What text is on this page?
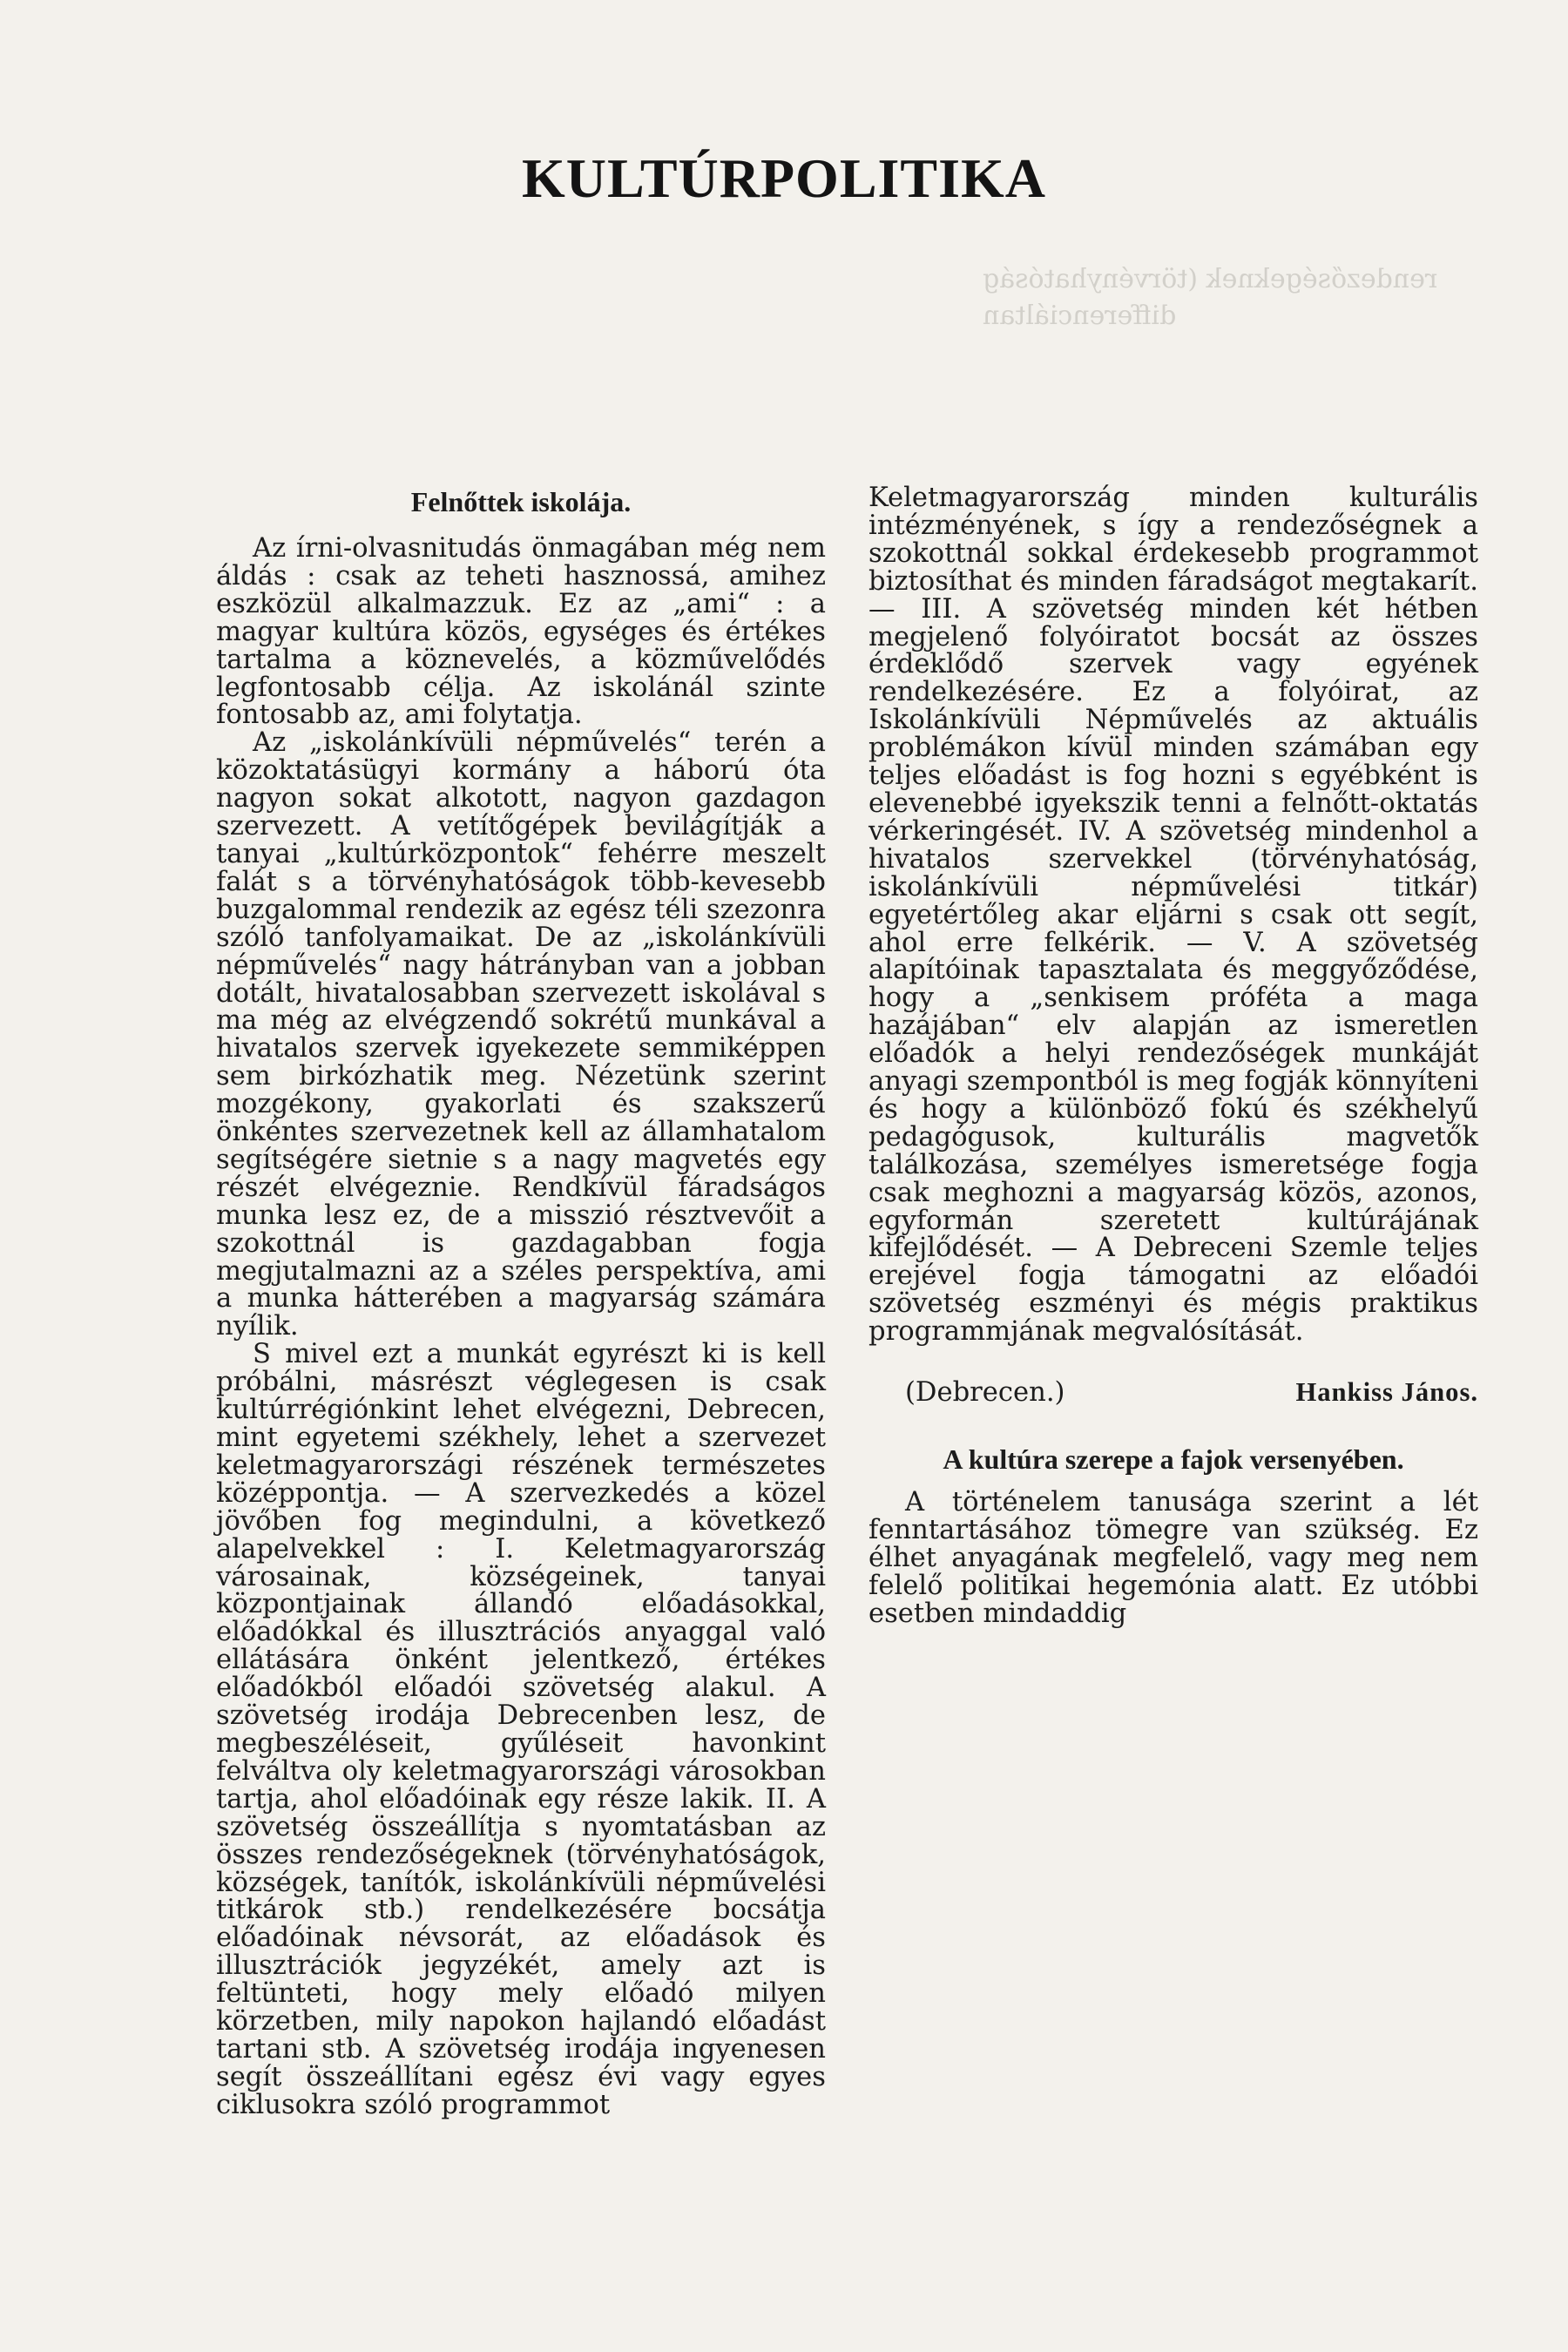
KULTÚRPOLITIKA
rendezőségeknek (törvényhatóság
differenciáltan
Felnőttek iskolája.

Az írni-olvasnitudás önmagában még nem áldás : csak az teheti hasznossá, amihez eszközül alkalmazzuk. Ez az „ami“ : a magyar kultúra közös, egységes és értékes tartalma a köznevelés, a közművelődés legfontosabb célja. Az iskolánál szinte fontosabb az, ami folytatja.

Az „iskolánkívüli népművelés“ terén a közoktatásügyi kormány a háború óta nagyon sokat alkotott, nagyon gazdagon szervezett. A vetítőgépek bevilágítják a tanyai „kultúrközpontok“ fehérre meszelt falát s a törvényhatóságok több-kevesebb buzgalommal rendezik az egész téli szezonra szóló tanfolyamaikat. De az „iskolánkívüli népművelés“ nagy hátrányban van a jobban dotált, hivatalosabban szervezett iskolával s ma még az elvégzendő sokrétű munkával a hivatalos szervek igyekezete semmiképpen sem birkózhatik meg. Nézetünk szerint mozgékony, gyakorlati és szakszerű önkéntes szervezetnek kell az államhatalom segítségére sietnie s a nagy magvetés egy részét elvégeznie. Rendkívül fáradságos munka lesz ez, de a misszió résztvevőit a szokottnál is gazdagabban fogja megjutalmazni az a széles perspektíva, ami a munka hátterében a magyarság számára nyílik.

S mivel ezt a munkát egyrészt ki is kell próbálni, másrészt véglegesen is csak kultúrrégiónkint lehet elvégezni, Debrecen, mint egyetemi székhely, lehet a szervezet keletmagyarországi részének természetes középpontja. — A szervezkedés a közel jövőben fog megindulni, a következő alapelvekkel : I. Keletmagyarország városainak, községeinek, tanyai központjainak állandó előadásokkal, előadókkal és illusztrációs anyaggal való ellátására önként jelentkező, értékes előadókból előadói szövetség alakul. A szövetség irodája Debrecenben lesz, de megbeszéléseit, gyűléseit havonkint felváltva oly keletmagyarországi városokban tartja, ahol előadóinak egy része lakik. II. A szövetség összeállítja s nyomtatásban az összes rendezőségeknek (törvényhatóságok, községek, tanítók, iskolánkívüli népművelési titkárok stb.) rendelkezésére bocsátja előadóinak névsorát, az előadások és illusztrációk jegyzékét, amely azt is feltünteti, hogy mely előadó milyen körzetben, mily napokon hajlandó előadást tartani stb. A szövetség irodája ingyenesen segít összeállítani egész évi vagy egyes ciklusokra szóló programmot

Keletmagyarország minden kulturális intézményének, s így a rendezőségnek a szokottnál sokkal érdekesebb programmot biztosíthat és minden fáradságot megtakarít. — III. A szövetség minden két hétben megjelenő folyóiratot bocsát az összes érdeklődő szervek vagy egyének rendelkezésére. Ez a folyóirat, az Iskolánkívüli Népművelés az aktuális problémákon kívül minden számában egy teljes előadást is fog hozni s egyébként is elevenebbé igyekszik tenni a felnőtt-oktatás vérkeringését. IV. A szövetség mindenhol a hivatalos szervekkel (törvényhatóság, iskolánkívüli népművelési titkár) egyetértőleg akar eljárni s csak ott segít, ahol erre felkérik. — V. A szövetség alapítóinak tapasztalata és meggyőződése, hogy a „senkisem próféta a maga hazájában“ elv alapján az ismeretlen előadók a helyi rendezőségek munkáját anyagi szempontból is meg fogják könnyíteni és hogy a különböző fokú és székhelyű pedagógusok, kulturális magvetők találkozása, személyes ismeretsége fogja csak meghozni a magyarság közös, azonos, egyformán szeretett kultúrájának kifejlődését. — A Debreceni Szemle teljes erejével fogja támogatni az előadói szövetség eszményi és mégis praktikus programmjának megvalósítását.

(Debrecen.)	Hankiss János.
A kultúra szerepe a fajok versenyében.

A történelem tanusága szerint a lét fenntartásához tömegre van szükség. Ez élhet anyagának megfelelő, vagy meg nem felelő politikai hegemónia alatt. Ez utóbbi esetben mindaddig
